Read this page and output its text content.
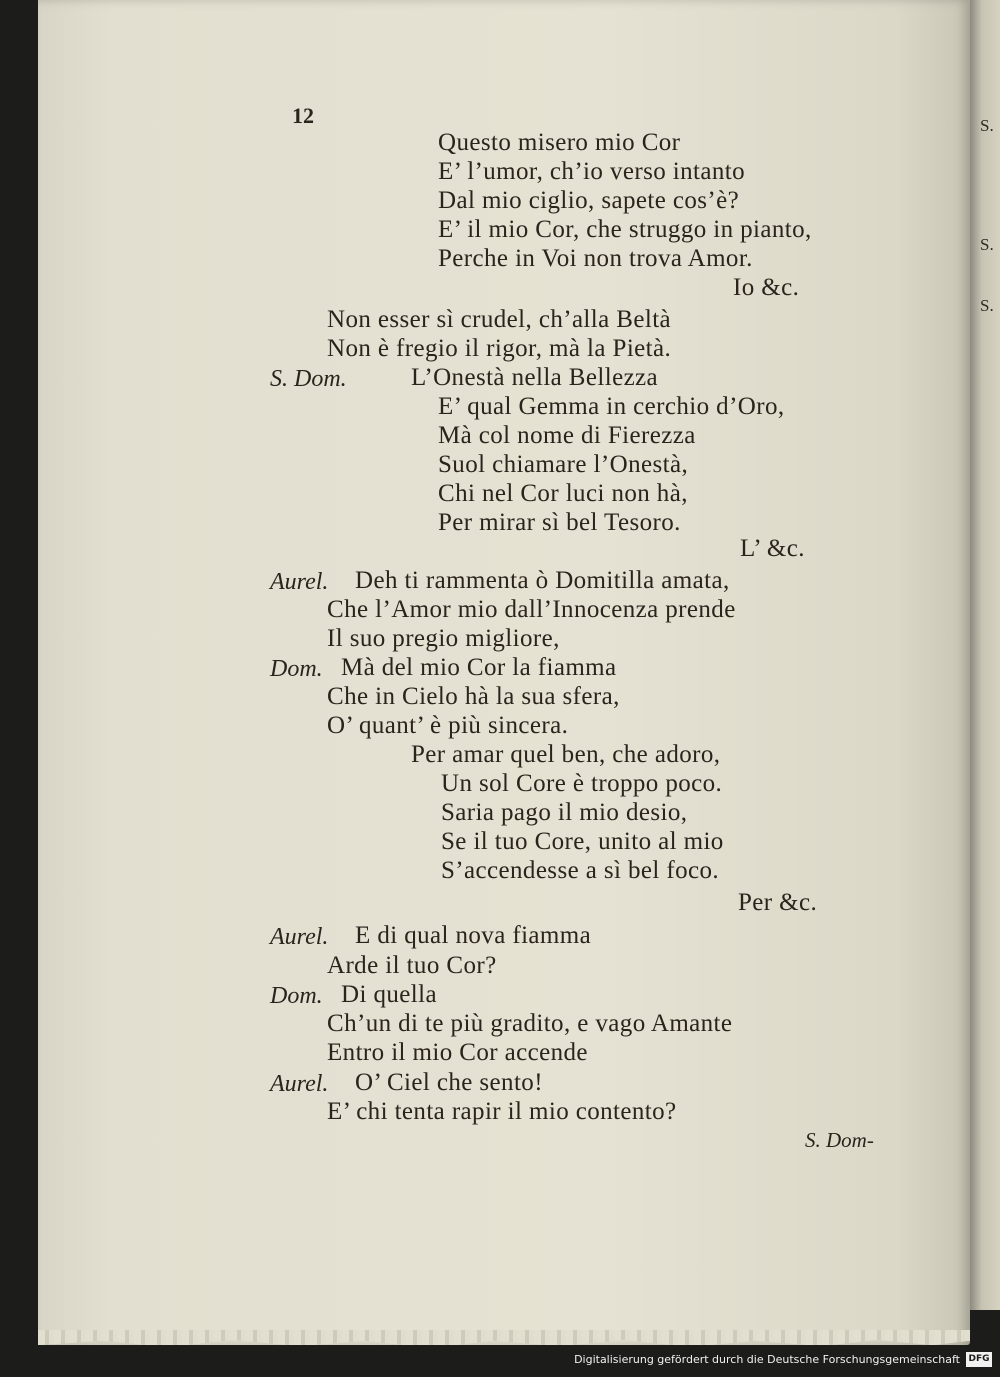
S.
S.
S.
12
Questo misero mio Cor
E’ l’umor, ch’io verso intanto
Dal mio ciglio, sapete cos’è?
E’ il mio Cor, che struggo in pianto,
Perche in Voi non trova Amor.
Io &c.
Non esser sì crudel, ch’alla Beltà
Non è fregio il rigor, mà la Pietà.
S. Dom.	L’Onestà nella Bellezza
E’ qual Gemma in cerchio d’Oro,
Mà col nome di Fierezza
Suol chiamare l’Onestà,
Chi nel Cor luci non hà,
Per mirar sì bel Tesoro.
L’ &c.
Aurel. Deh ti rammenta ò Domitilla amata,
Che l’Amor mio dall’Innocenza prende
Il suo pregio migliore,
Dom. Mà del mio Cor la fiamma
Che in Cielo hà la sua sfera,
O’ quant’ è più sincera.
Per amar quel ben, che adoro,
Un sol Core è troppo poco.
Saria pago il mio desio,
Se il tuo Core, unito al mio
S’accendesse a sì bel foco.
Per &c.
Aurel. E di qual nova fiamma
Arde il tuo Cor?
Dom. Di quella
Ch’un di te più gradito, e vago Amante
Entro il mio Cor accende
Aurel. O’ Ciel che sento!
E’ chi tenta rapir il mio contento?
S. Dom-
Digitalisierung gefördert durch die Deutsche Forschungsgemeinschaft DFG
